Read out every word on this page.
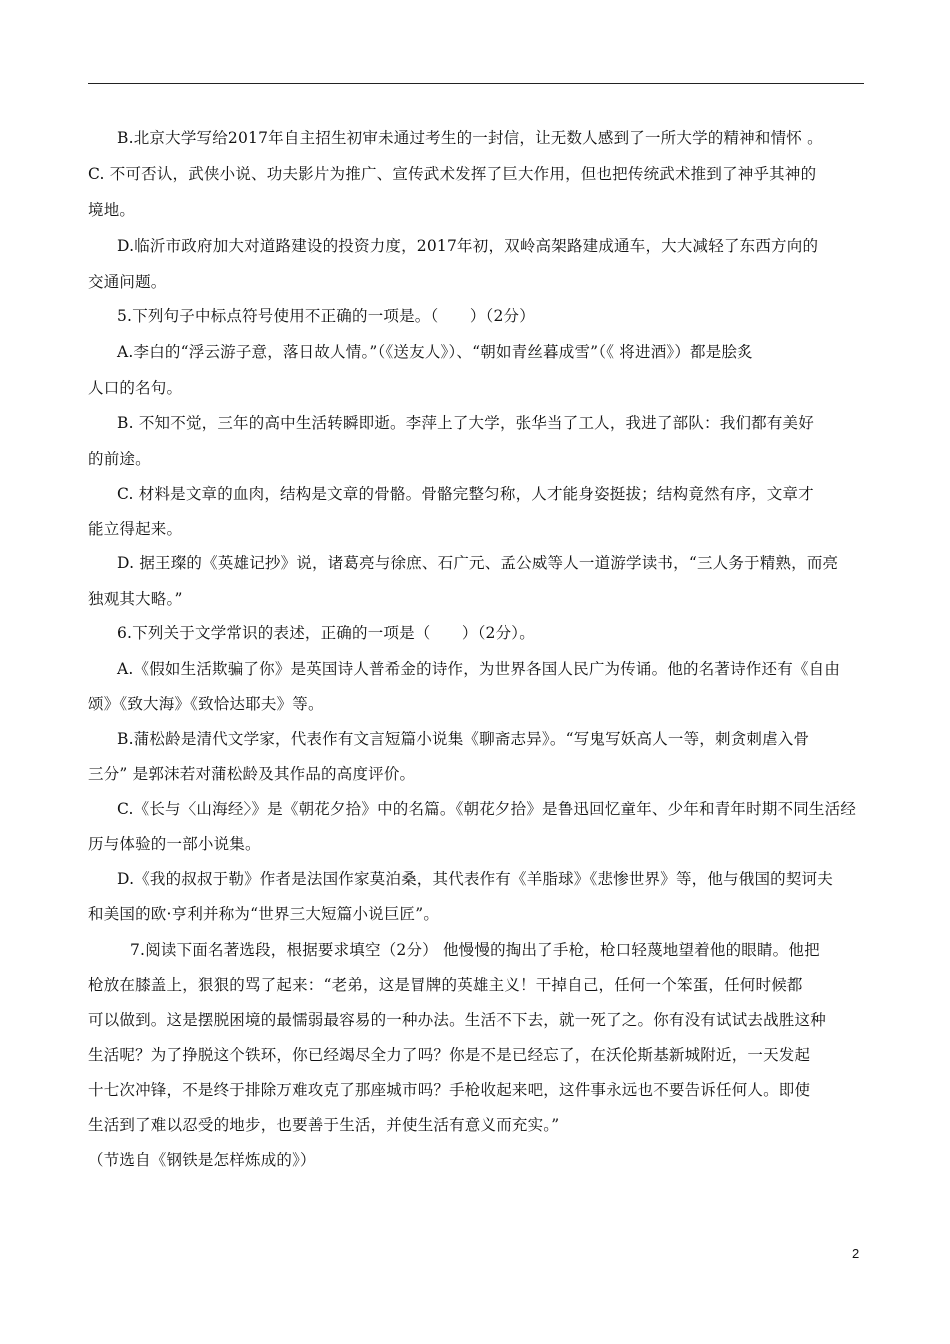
B.北京大学写给2017年自主招生初审未通过考生的一封信，让无数人感到了一所大学的精神和情怀 。
C. 不可否认，武侠小说、功夫影片为推广、宣传武术发挥了巨大作用，但也把传统武术推到了神乎其神的
境地。
D.临沂市政府加大对道路建设的投资力度，2017年初，双岭高架路建成通车，大大减轻了东西方向的
交通问题。
5.下列句子中标点符号使用不正确的一项是。（　　）（2分）
A.李白的“浮云游子意，落日故人情。”（《送友人》）、“朝如青丝暮成雪”（《 将进酒》）都是脍炙
人口的名句。
B. 不知不觉，三年的高中生活转瞬即逝。李萍上了大学，张华当了工人，我进了部队：我们都有美好
的前途。
C. 材料是文章的血肉，结构是文章的骨骼。骨骼完整匀称，人才能身姿挺拔；结构竟然有序，文章才
能立得起来。
D. 据王璨的《英雄记抄》说，诸葛亮与徐庶、石广元、孟公威等人一道游学读书，“三人务于精熟，而亮
独观其大略。”
6.下列关于文学常识的表述，正确的一项是（　　）（2分）。
A.《假如生活欺骗了你》是英国诗人普希金的诗作，为世界各国人民广为传诵。他的名著诗作还有《自由
颂》《致大海》《致恰达耶夫》等。
B.蒲松龄是清代文学家，代表作有文言短篇小说集《聊斋志异》。“写鬼写妖高人一等，刺贪刺虐入骨
三分” 是郭沫若对蒲松龄及其作品的高度评价。
C.《长与〈山海经〉》是《朝花夕拾》中的名篇。《朝花夕拾》是鲁迅回忆童年、少年和青年时期不同生活经
历与体验的一部小说集。
D.《我的叔叔于勒》作者是法国作家莫泊桑，其代表作有《羊脂球》《悲惨世界》等，他与俄国的契诃夫
和美国的欧·亨利并称为“世界三大短篇小说巨匠”。
7.阅读下面名著选段，根据要求填空（2分） 他慢慢的掏出了手枪，枪口轻蔑地望着他的眼睛。他把
枪放在膝盖上，狠狠的骂了起来：“老弟，这是冒牌的英雄主义！干掉自己，任何一个笨蛋，任何时候都
可以做到。这是摆脱困境的最懦弱最容易的一种办法。生活不下去，就一死了之。你有没有试试去战胜这种
生活呢？为了挣脱这个铁环，你已经竭尽全力了吗？你是不是已经忘了，在沃伦斯基新城附近，一天发起
十七次冲锋，不是终于排除万难攻克了那座城市吗？手枪收起来吧，这件事永远也不要告诉任何人。即使
生活到了难以忍受的地步，也要善于生活，并使生活有意义而充实。”
（节选自《钢铁是怎样炼成的》）
2
